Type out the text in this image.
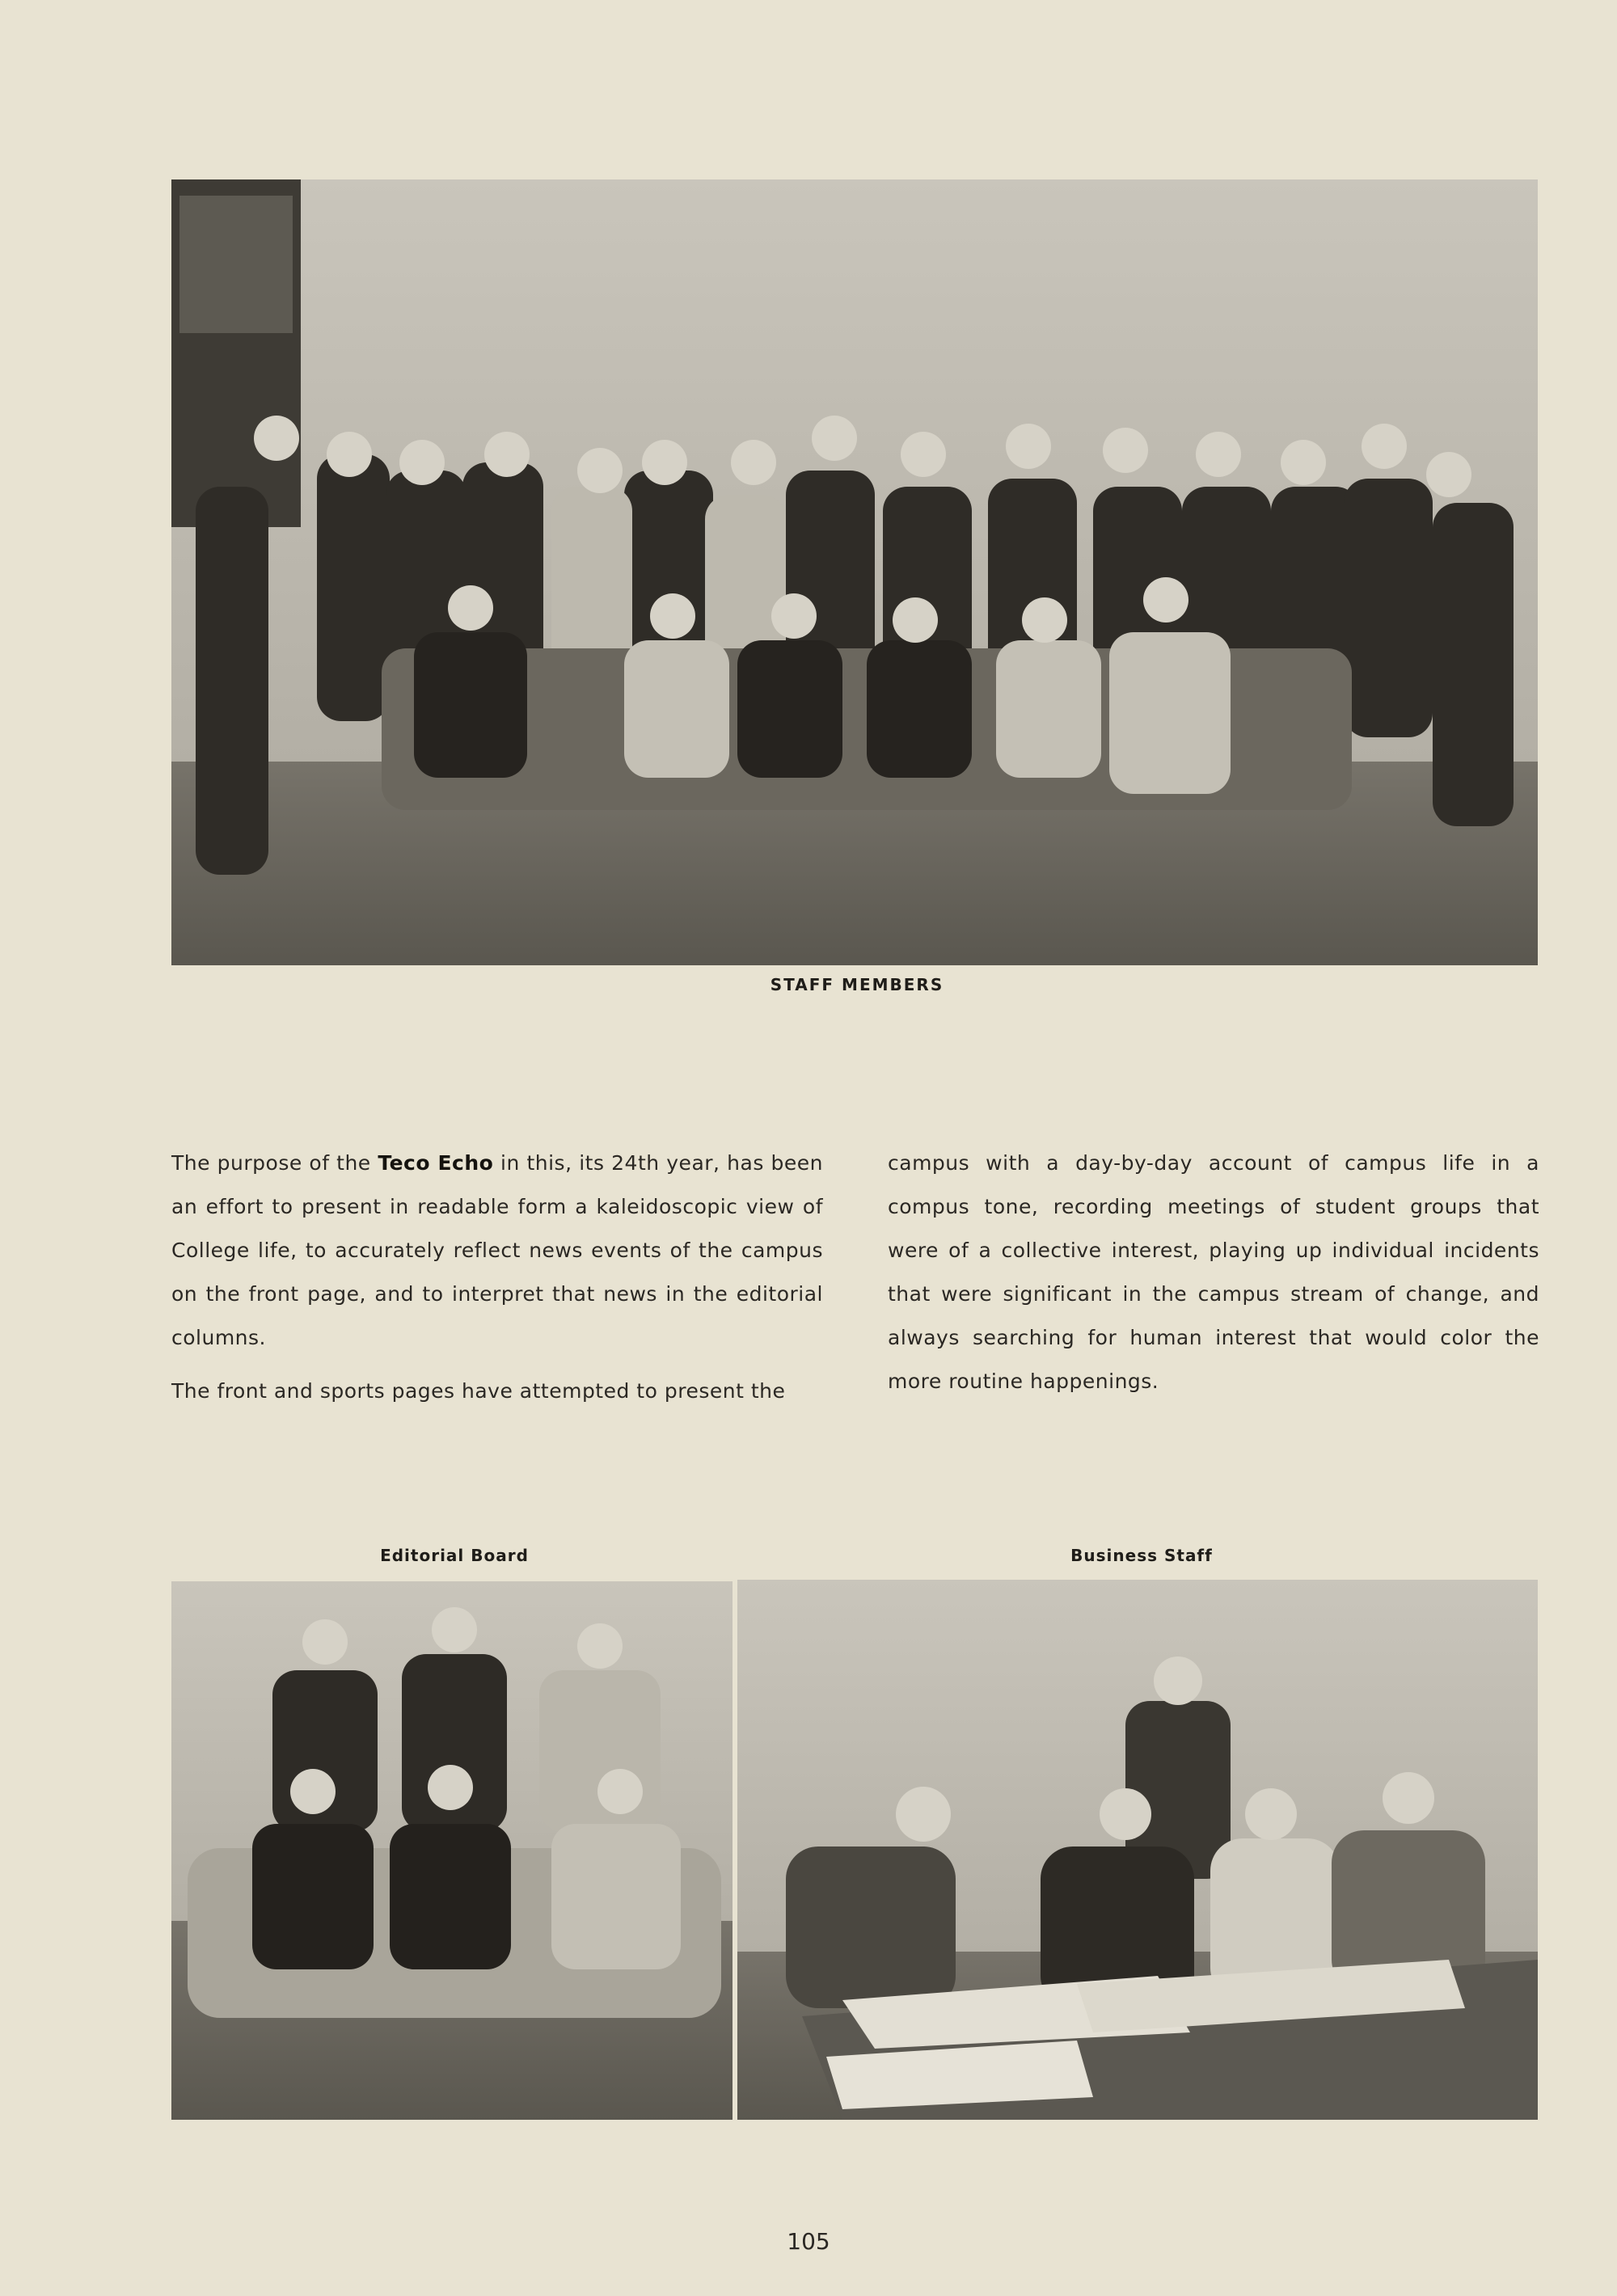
STAFF MEMBERS

The purpose of the Teco Echo in this, its 24th year, has been an effort to present in readable form a kaleidoscopic view of College life, to accurately reflect news events of the campus on the front page, and to interpret that news in the editorial columns.

The front and sports pages have attempted to present the

campus with a day-by-day account of campus life in a compus tone, recording meetings of student groups that were of a collective interest, playing up individual incidents that were significant in the campus stream of change, and always searching for human interest that would color the more routine happenings.

Editorial Board	Business Staff
105
